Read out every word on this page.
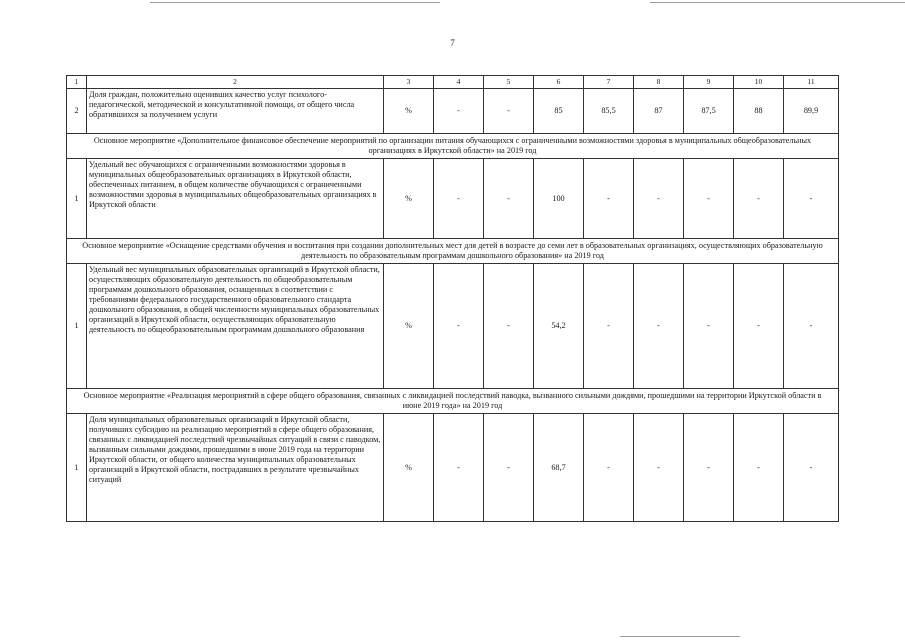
7
1	2	3	4	5	6	7	8	9	10	11
2	Доля граждан, положительно оценивших качество услуг психолого-педагогической, методической и консультативной помощи, от общего числа обратившихся за получением услуги	%	-	-	85	85,5	87	87,5	88	89,9
Основное мероприятие «Дополнительное финансовое обеспечение мероприятий по организации питания обучающихся с ограниченными возможностями здоровья в муниципальных общеобразовательных организациях в Иркутской области» на 2019 год										
1	Удельный вес обучающихся с ограниченными возможностями здоровья в муниципальных общеобразовательных организациях в Иркутской области, обеспеченных питанием, в общем количестве обучающихся с ограниченными возможностями здоровья в муниципальных общеобразовательных организациях в Иркутской области	%	-	-	100	-	-	-	-	-
Основное мероприятие «Оснащение средствами обучения и воспитания при создании дополнительных мест для детей в возрасте до семи лет в образовательных организациях, осуществляющих образовательную деятельность по образовательным программам дошкольного образования» на 2019 год										
1	Удельный вес муниципальных образовательных организаций в Иркутской области, осуществляющих образовательную деятельность по общеобразовательным программам дошкольного образования, оснащенных в соответствии с требованиями федерального государственного образовательного стандарта дошкольного образования, в общей численности муниципальных образовательных организаций в Иркутской области, осуществляющих образовательную деятельность по общеобразовательным программам дошкольного образования	%	-	-	54,2	-	-	-	-	-
Основное мероприятие «Реализация мероприятий в сфере общего образования, связанных с ликвидацией последствий паводка, вызванного сильными дождями, прошедшими на территории Иркутской области в июне 2019 года» на 2019 год										
1	Доля муниципальных образовательных организаций в Иркутской области, получивших субсидию на реализацию мероприятий в сфере общего образования, связанных с ликвидацией последствий чрезвычайных ситуаций в связи с паводком, вызванным сильными дождями, прошедшими в июне 2019 года на территории Иркутской области, от общего количества муниципальных образовательных организаций в Иркутской области, пострадавших в результате чрезвычайных ситуаций	%	-	-	68,7	-	-	-	-	-
